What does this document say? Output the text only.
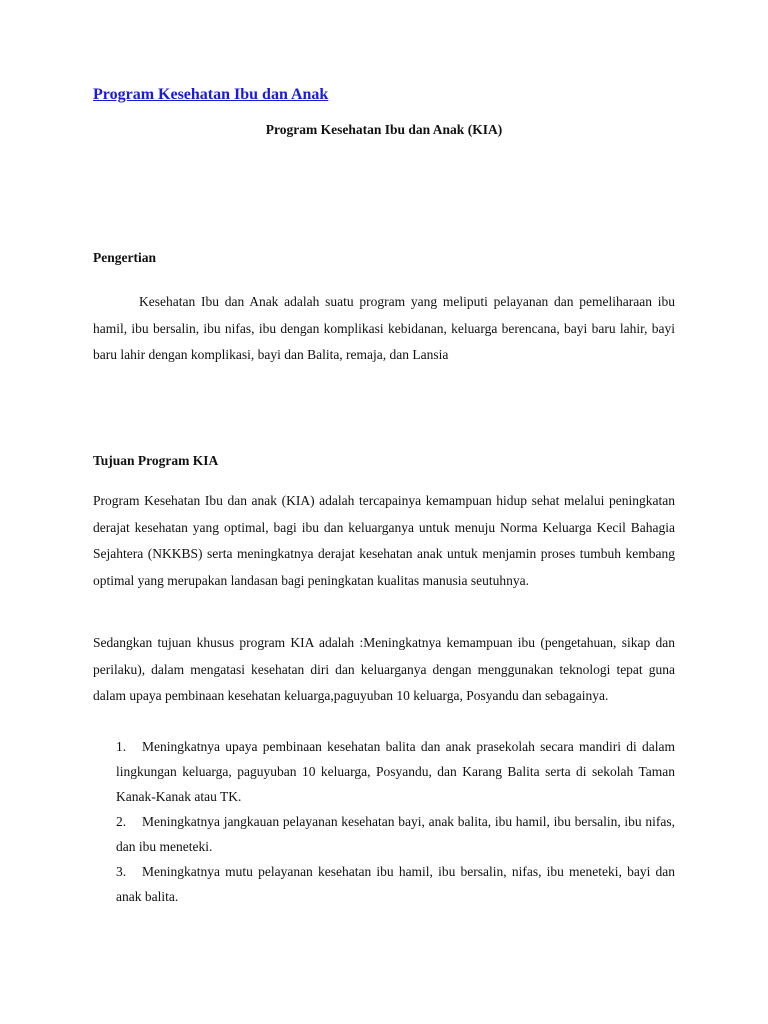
Program Kesehatan Ibu dan Anak
Program Kesehatan Ibu dan Anak (KIA)
Pengertian

Kesehatan Ibu dan Anak adalah suatu program yang meliputi pelayanan dan pemeliharaan ibu hamil, ibu bersalin, ibu nifas, ibu dengan komplikasi kebidanan, keluarga berencana, bayi baru lahir, bayi baru lahir dengan komplikasi, bayi dan Balita, remaja, dan Lansia

Tujuan Program KIA

Program Kesehatan Ibu dan anak (KIA) adalah tercapainya kemampuan hidup sehat melalui peningkatan derajat kesehatan yang optimal, bagi ibu dan keluarganya untuk menuju Norma Keluarga Kecil Bahagia Sejahtera (NKKBS) serta meningkatnya derajat kesehatan anak untuk menjamin proses tumbuh kembang optimal yang merupakan landasan bagi peningkatan kualitas manusia seutuhnya.

Sedangkan tujuan khusus program KIA adalah :Meningkatnya kemampuan ibu (pengetahuan, sikap dan perilaku), dalam mengatasi kesehatan diri dan keluarganya dengan menggunakan teknologi tepat guna dalam upaya pembinaan kesehatan keluarga,paguyuban 10 keluarga, Posyandu dan sebagainya.

1. Meningkatnya upaya pembinaan kesehatan balita dan anak prasekolah secara mandiri di dalam lingkungan keluarga, paguyuban 10 keluarga, Posyandu, dan Karang Balita serta di sekolah Taman Kanak-Kanak atau TK.

2. Meningkatnya jangkauan pelayanan kesehatan bayi, anak balita, ibu hamil, ibu bersalin, ibu nifas, dan ibu meneteki.

3. Meningkatnya mutu pelayanan kesehatan ibu hamil, ibu bersalin, nifas, ibu meneteki, bayi dan anak balita.
